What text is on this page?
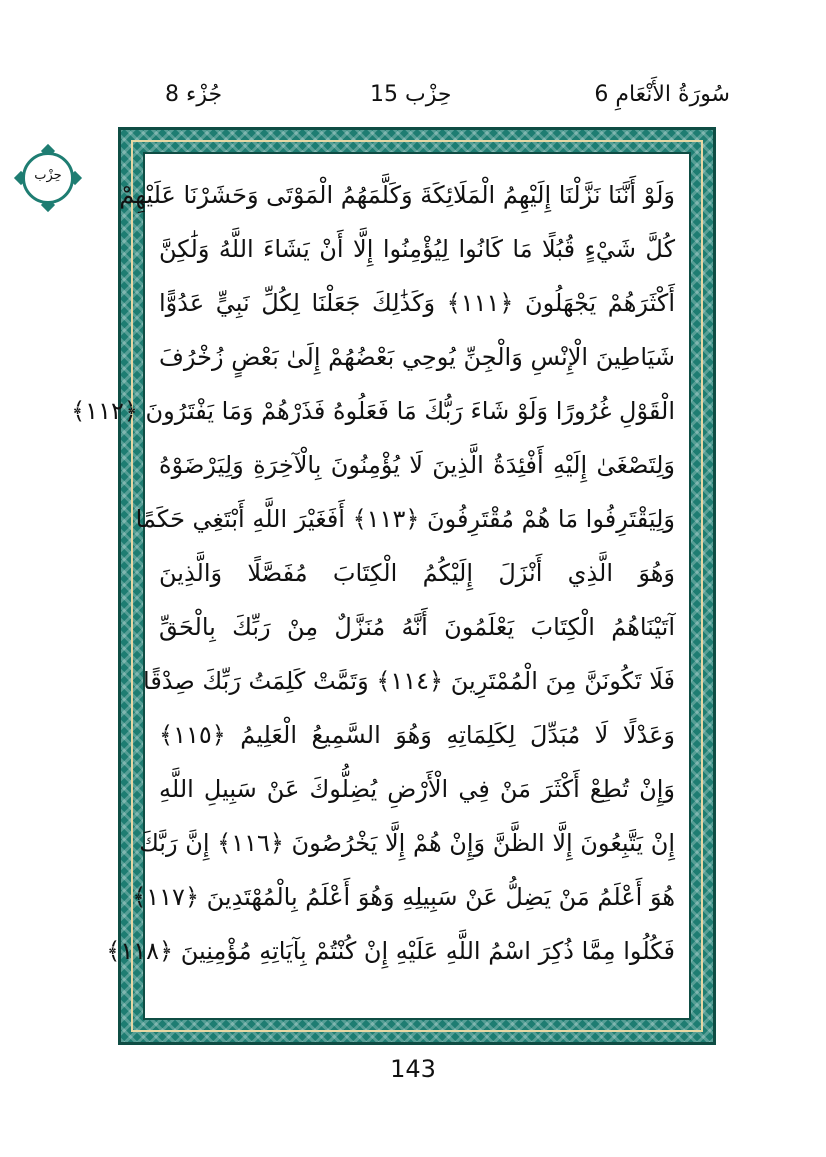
6 سُورَةُ الأَنْعَامِ
حِزْب 15
جُزْء 8
حِزْب
وَلَوْ أَنَّنَا نَزَّلْنَا إِلَيْهِمُ الْمَلَائِكَةَ وَكَلَّمَهُمُ الْمَوْتَى وَحَشَرْنَا عَلَيْهِمْ
كُلَّ شَيْءٍ قُبُلًا مَا كَانُوا لِيُؤْمِنُوا إِلَّا أَنْ يَشَاءَ اللَّهُ وَلَٰكِنَّ
أَكْثَرَهُمْ يَجْهَلُونَ ﴿١١١﴾ وَكَذَٰلِكَ جَعَلْنَا لِكُلِّ نَبِيٍّ عَدُوًّا
شَيَاطِينَ الْإِنْسِ وَالْجِنِّ يُوحِي بَعْضُهُمْ إِلَىٰ بَعْضٍ زُخْرُفَ
الْقَوْلِ غُرُورًا وَلَوْ شَاءَ رَبُّكَ مَا فَعَلُوهُ فَذَرْهُمْ وَمَا يَفْتَرُونَ ﴿١١٢﴾
وَلِتَصْغَىٰ إِلَيْهِ أَفْئِدَةُ الَّذِينَ لَا يُؤْمِنُونَ بِالْآخِرَةِ وَلِيَرْضَوْهُ
وَلِيَقْتَرِفُوا مَا هُمْ مُقْتَرِفُونَ ﴿١١٣﴾ أَفَغَيْرَ اللَّهِ أَبْتَغِي حَكَمًا
وَهُوَ الَّذِي أَنْزَلَ إِلَيْكُمُ الْكِتَابَ مُفَصَّلًا وَالَّذِينَ
آتَيْنَاهُمُ الْكِتَابَ يَعْلَمُونَ أَنَّهُ مُنَزَّلٌ مِنْ رَبِّكَ بِالْحَقِّ
فَلَا تَكُونَنَّ مِنَ الْمُمْتَرِينَ ﴿١١٤﴾ وَتَمَّتْ كَلِمَتُ رَبِّكَ صِدْقًا
وَعَدْلًا لَا مُبَدِّلَ لِكَلِمَاتِهِ وَهُوَ السَّمِيعُ الْعَلِيمُ ﴿١١٥﴾
وَإِنْ تُطِعْ أَكْثَرَ مَنْ فِي الْأَرْضِ يُضِلُّوكَ عَنْ سَبِيلِ اللَّهِ
إِنْ يَتَّبِعُونَ إِلَّا الظَّنَّ وَإِنْ هُمْ إِلَّا يَخْرُصُونَ ﴿١١٦﴾ إِنَّ رَبَّكَ
هُوَ أَعْلَمُ مَنْ يَضِلُّ عَنْ سَبِيلِهِ وَهُوَ أَعْلَمُ بِالْمُهْتَدِينَ ﴿١١٧﴾
فَكُلُوا مِمَّا ذُكِرَ اسْمُ اللَّهِ عَلَيْهِ إِنْ كُنْتُمْ بِآيَاتِهِ مُؤْمِنِينَ ﴿١١٨﴾
143
